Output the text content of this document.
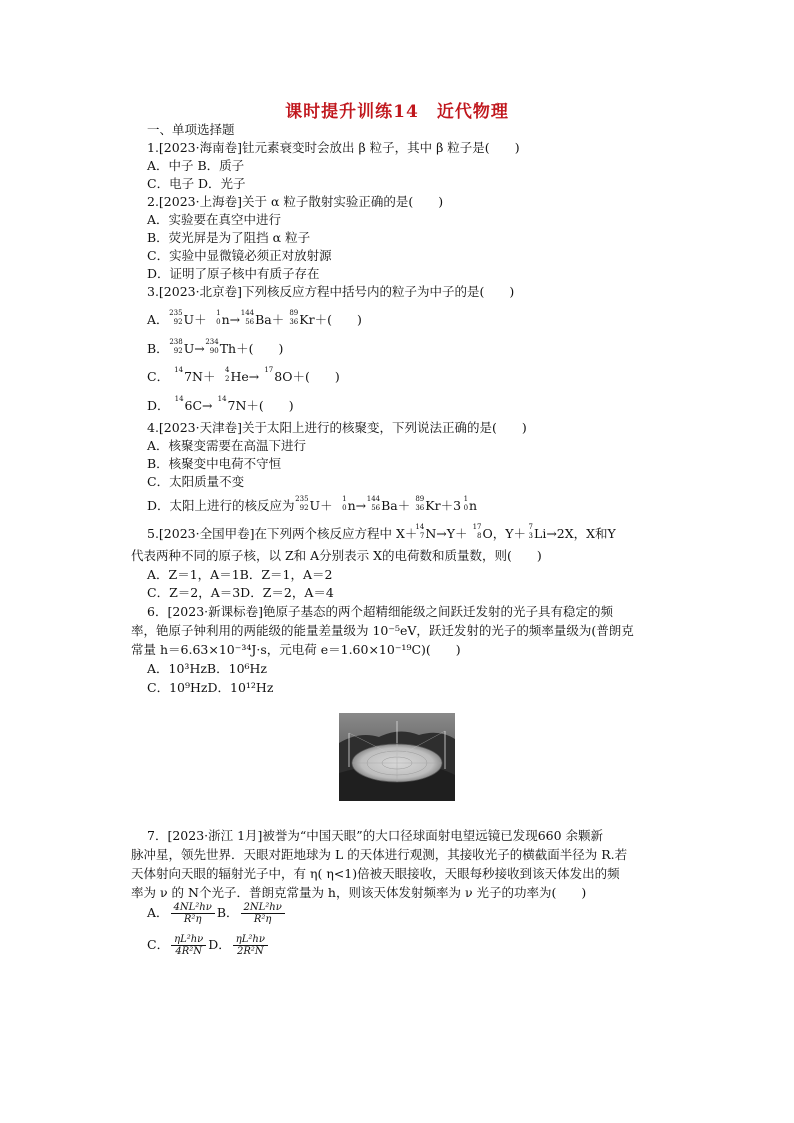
课时提升训练14　近代物理
一、单项选择题
1.[2023·海南卷]钍元素衰变时会放出 β 粒子，其中 β 粒子是(　　)
A．中子 B．质子
C．电子 D．光子
2.[2023·上海卷]关于 α 粒子散射实验正确的是(　　)
A．实验要在真空中进行
B．荧光屏是为了阻挡 α 粒子
C．实验中显微镜必须正对放射源
D．证明了原子核中有质子存在
3.[2023·北京卷]下列核反应方程中括号内的粒子为中子的是(　　)
A． 235
92 U＋ 1
0 n→ 144
56 Ba＋ 89
36 Kr＋(　　)
B． 238
92 U→ 234
90 Th＋(　　)
C． 14 7N＋ 4
2 He→ 17 8O＋(　　)
D． 14 6C→ 14 7N＋(　　)
4.[2023·天津卷]关于太阳上进行的核聚变，下列说法正确的是(　　)
A．核聚变需要在高温下进行
B．核聚变中电荷不守恒
C．太阳质量不变
D．太阳上进行的核反应为 235
92 U＋ 1
0 n→ 144
56 Ba＋ 89
36 Kr＋3 1
0 n
5.[2023·全国甲卷]在下列两个核反应方程中 X＋
14
7 N→Y＋ 17
8 O，Y＋ 7
3 Li→2X，X和Y
代表两种不同的原子核，以 Z和 A分别表示 X的电荷数和质量数，则(　　)
A．Z＝1，A＝1B．Z＝1，A＝2
C．Z＝2，A＝3D．Z＝2，A＝4
6．[2023·新课标卷]铯原子基态的两个超精细能级之间跃迁发射的光子具有稳定的频
率，铯原子钟利用的两能级的能量差量级为 10⁻⁵eV，跃迁发射的光子的频率量级为(普朗克
常量 h＝6.63×10⁻³⁴J·s，元电荷 e＝1.60×10⁻¹⁹C)(　　)
A．10³HzB．10⁶Hz
C．10⁹HzD．10¹²Hz
7．[2023·浙江 1月]被誉为“中国天眼”的大口径球面射电望远镜已发现660 余颗新
脉冲星，领先世界．天眼对距地球为 L 的天体进行观测，其接收光子的横截面半径为 R.若
天体射向天眼的辐射光子中，有 η( η<1)倍被天眼接收，天眼每秒接收到该天体发出的频
率为 ν 的 N个光子．普朗克常量为 h，则该天体发射频率为 ν 光子的功率为(　　)
A． $\frac{\text{4NL²hν}}{\text{R²η}}$ B． $\frac{\text{2NL²hν}}{\text{R²η}}$
C． $\frac{\text{ηL²hν}}{\text{4R²N}}$ D． $\frac{\text{ηL²hν}}{\text{2R²N}}$
